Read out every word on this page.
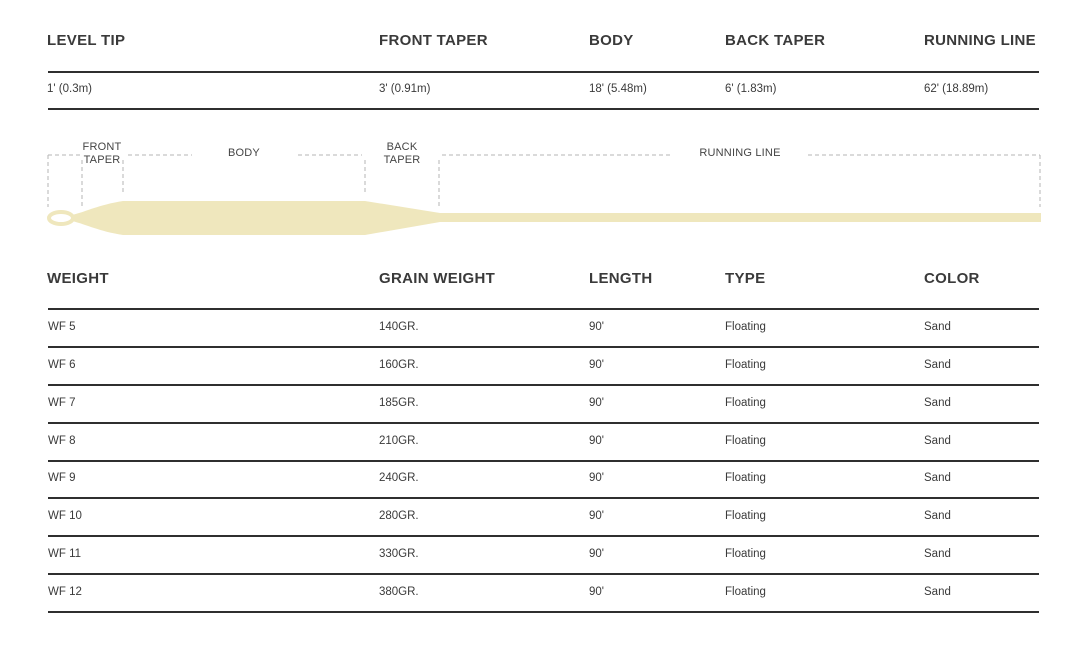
LEVEL TIP	FRONT TAPER	BODY	BACK TAPER	RUNNING LINE
1' (0.3m)	3' (0.91m)	18' (5.48m)	6' (1.83m)	62' (18.89m)
FRONT
TAPER
BODY	BACK
TAPER
RUNNING LINE
WEIGHT	GRAIN WEIGHT	LENGTH	TYPE	COLOR
WF 5	140GR.	90'	Floating	Sand
WF 6	160GR.	90'	Floating	Sand
WF 7	185GR.	90'	Floating	Sand
WF 8	210GR.	90'	Floating	Sand
WF 9	240GR.	90'	Floating	Sand
WF 10	280GR.	90'	Floating	Sand
WF 11	330GR.	90'	Floating	Sand
WF 12	380GR.	90'	Floating	Sand
